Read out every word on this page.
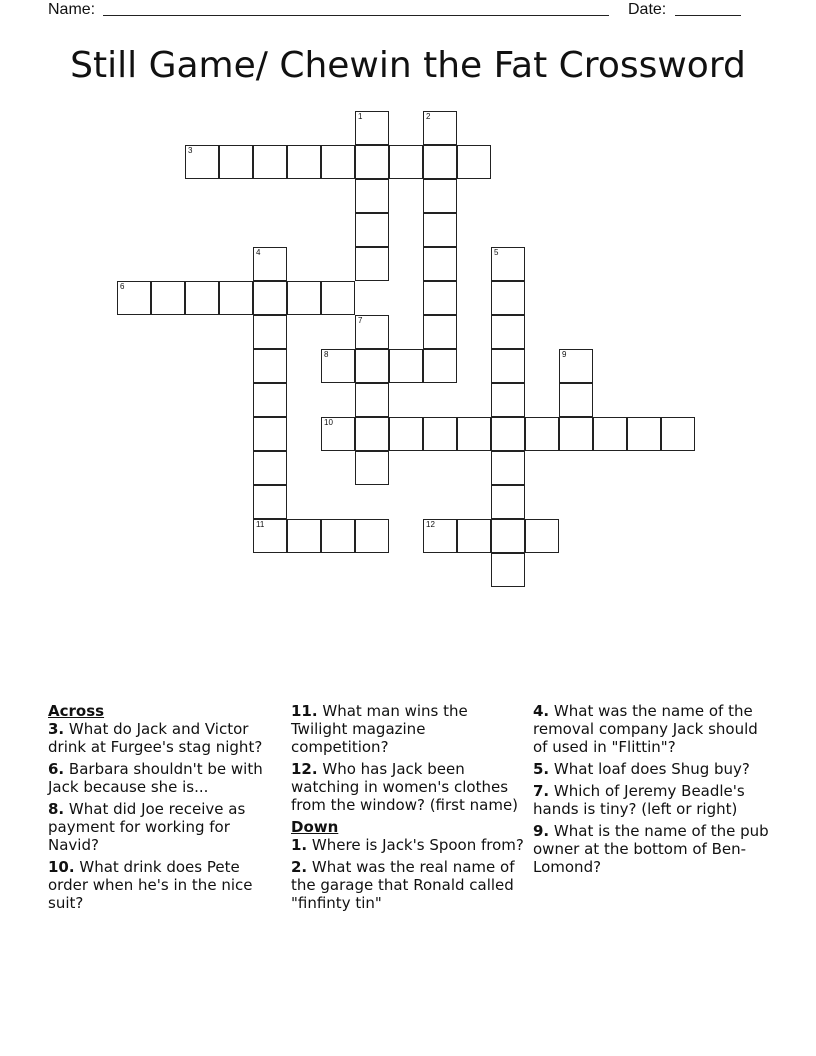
Name:	Date:
Still Game/ Chewin the Fat Crossword
1	2
3
4
11
5
6
7
8	9
10
12
Across
3. What do Jack and Victor drink at Furgee's stag night?
6. Barbara shouldn't be with Jack because she is...
8. What did Joe receive as payment for working for Navid?
10. What drink does Pete order when he's in the nice suit?
11. What man wins the Twilight magazine competition?
12. Who has Jack been watching in women's clothes from the window? (first name)
Down
1. Where is Jack's Spoon from?
2. What was the real name of the garage that Ronald called "finfinty tin"
4. What was the name of the removal company Jack should of used in "Flittin"?
5. What loaf does Shug buy?
7. Which of Jeremy Beadle's hands is tiny? (left or right)
9. What is the name of the pub owner at the bottom of Ben-Lomond?
